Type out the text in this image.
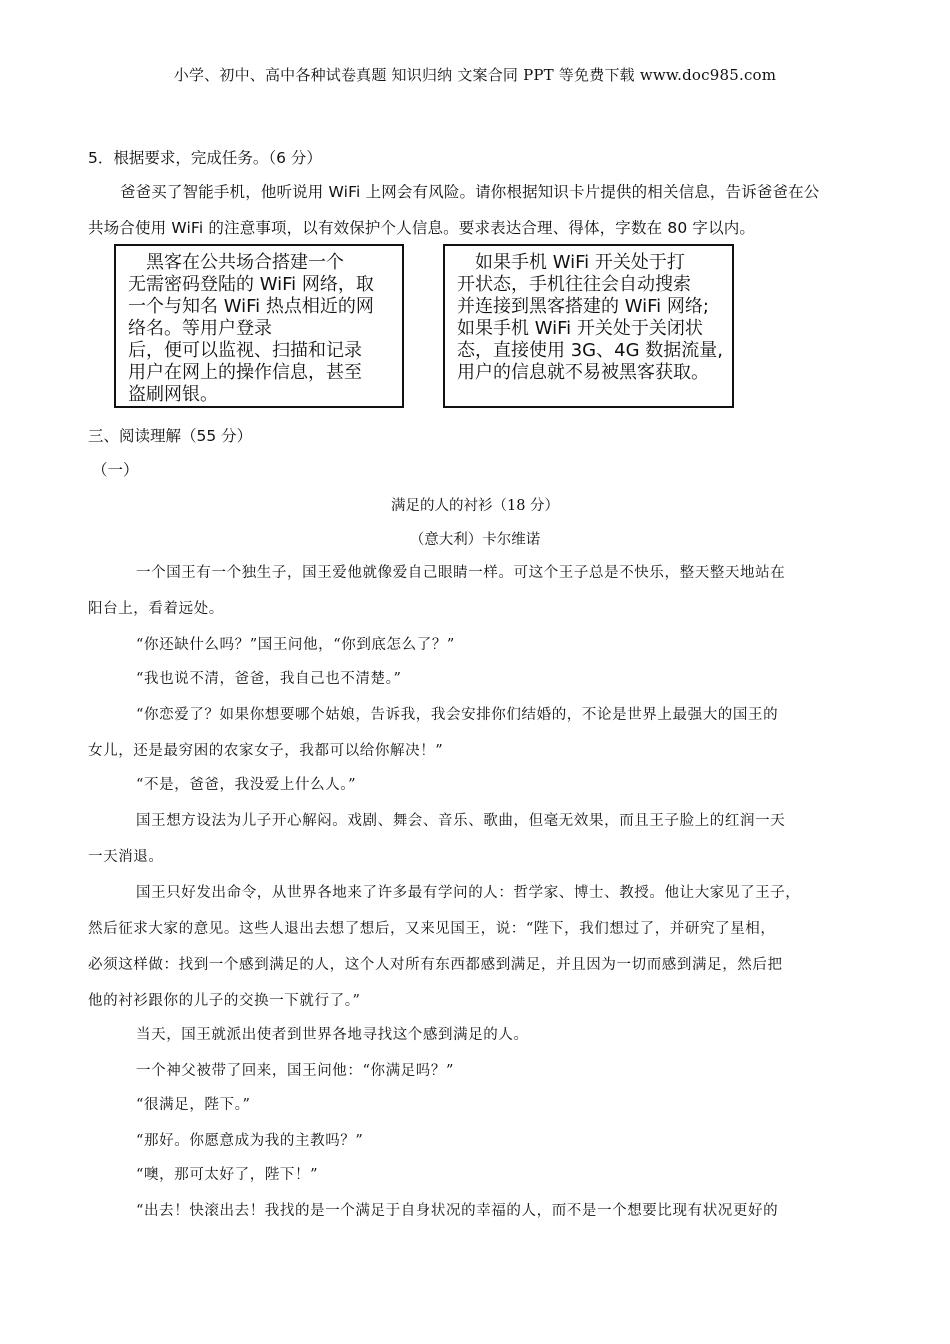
小学、初中、高中各种试卷真题 知识归纳 文案合同 PPT 等免费下载 www.doc985.com
5．根据要求，完成任务。（6 分）
爸爸买了智能手机，他听说用 WiFi 上网会有风险。请你根据知识卡片提供的相关信息，告诉爸爸在公
共场合使用 WiFi 的注意事项，以有效保护个人信息。要求表达合理、得体，字数在 80 字以内。
　黑客在公共场合搭建一个
无需密码登陆的 WiFi 网络，取
一个与知名 WiFi 热点相近的网
络名。等用户登录
后，便可以监视、扫描和记录
用户在网上的操作信息，甚至
盗刷网银。
　如果手机 WiFi 开关处于打
开状态，手机往往会自动搜索
并连接到黑客搭建的 WiFi 网络;
如果手机 WiFi 开关处于关闭状
态，直接使用 3G、4G 数据流量,
用户的信息就不易被黑客获取。
三、阅读理解（55 分）
（一）
满足的人的衬衫（18 分）
（意大利）卡尔维诺
一个国王有一个独生子，国王爱他就像爱自己眼睛一样。可这个王子总是不快乐，整天整天地站在
阳台上，看着远处。
“你还缺什么吗？”国王问他，“你到底怎么了？”
“我也说不清，爸爸，我自己也不清楚。”
“你恋爱了？如果你想要哪个姑娘，告诉我，我会安排你们结婚的，不论是世界上最强大的国王的
女儿，还是最穷困的农家女子，我都可以给你解决！”
“不是，爸爸，我没爱上什么人。”
国王想方设法为儿子开心解闷。戏剧、舞会、音乐、歌曲，但毫无效果，而且王子脸上的红润一天
一天消退。
国王只好发出命令，从世界各地来了许多最有学问的人：哲学家、博士、教授。他让大家见了王子，
然后征求大家的意见。这些人退出去想了想后，又来见国王，说：“陛下，我们想过了，并研究了星相，
必须这样做：找到一个感到满足的人，这个人对所有东西都感到满足，并且因为一切而感到满足，然后把
他的衬衫跟你的儿子的交换一下就行了。”
当天，国王就派出使者到世界各地寻找这个感到满足的人。
一个神父被带了回来，国王问他：“你满足吗？”
“很满足，陛下。”
“那好。你愿意成为我的主教吗？”
“噢，那可太好了，陛下！”
“出去！快滚出去！我找的是一个满足于自身状况的幸福的人，而不是一个想要比现有状况更好的
